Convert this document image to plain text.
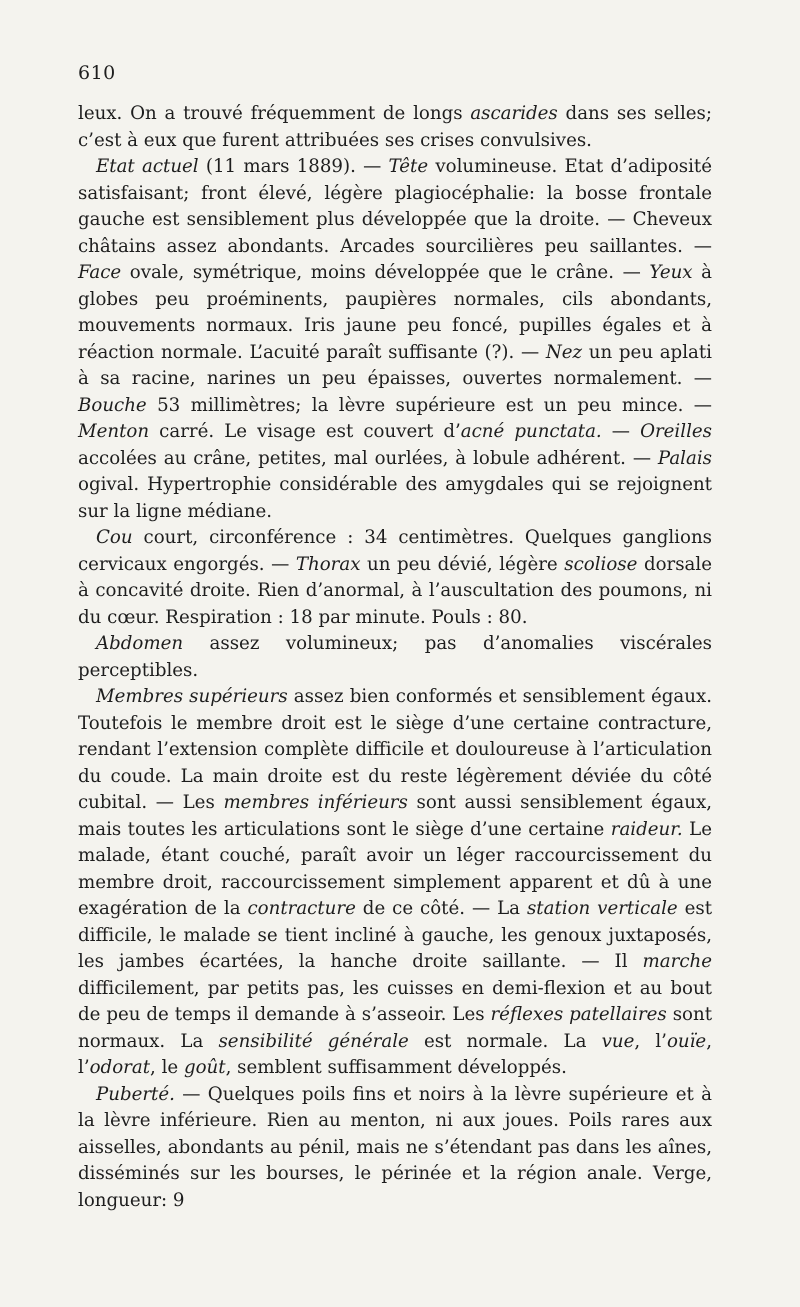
610

leux. On a trouvé fréquemment de longs ascarides dans ses selles; c’est à eux que furent attribuées ses crises convulsives.

Etat actuel (11 mars 1889). — Tête volumineuse. Etat d’adiposité satisfaisant; front élevé, légère plagiocéphalie: la bosse frontale gauche est sensiblement plus développée que la droite. — Cheveux châtains assez abondants. Arcades sourcilières peu saillantes. — Face ovale, symétrique, moins développée que le crâne. — Yeux à globes peu proéminents, paupières normales, cils abondants, mouvements normaux. Iris jaune peu foncé, pupilles égales et à réaction normale. L’acuité paraît suffisante (?). — Nez un peu aplati à sa racine, narines un peu épaisses, ouvertes normalement. — Bouche 53 millimètres; la lèvre supérieure est un peu mince. — Menton carré. Le visage est couvert d’acné punctata. — Oreilles accolées au crâne, petites, mal ourlées, à lobule adhérent. — Palais ogival. Hypertrophie considérable des amygdales qui se rejoignent sur la ligne médiane.

Cou court, circonférence : 34 centimètres. Quelques ganglions cervicaux engorgés. — Thorax un peu dévié, légère scoliose dorsale à concavité droite. Rien d’anormal, à l’auscultation des poumons, ni du cœur. Respiration : 18 par minute. Pouls : 80.

Abdomen assez volumineux; pas d’anomalies viscérales perceptibles.

Membres supérieurs assez bien conformés et sensiblement égaux. Toutefois le membre droit est le siège d’une certaine contracture, rendant l’extension complète difficile et douloureuse à l’articulation du coude. La main droite est du reste légèrement déviée du côté cubital. — Les membres inférieurs sont aussi sensiblement égaux, mais toutes les articulations sont le siège d’une certaine raideur. Le malade, étant couché, paraît avoir un léger raccourcissement du membre droit, raccourcissement simplement apparent et dû à une exagération de la contracture de ce côté. — La station verticale est difficile, le malade se tient incliné à gauche, les genoux juxtaposés, les jambes écartées, la hanche droite saillante. — Il marche difficilement, par petits pas, les cuisses en demi-flexion et au bout de peu de temps il demande à s’asseoir. Les réflexes patellaires sont normaux. La sensibilité générale est normale. La vue, l’ouïe, l’odorat, le goût, semblent suffisamment développés.

Puberté. — Quelques poils fins et noirs à la lèvre supérieure et à la lèvre inférieure. Rien au menton, ni aux joues. Poils rares aux aisselles, abondants au pénil, mais ne s’étendant pas dans les aînes, disséminés sur les bourses, le périnée et la région anale. Verge, longueur: 9
